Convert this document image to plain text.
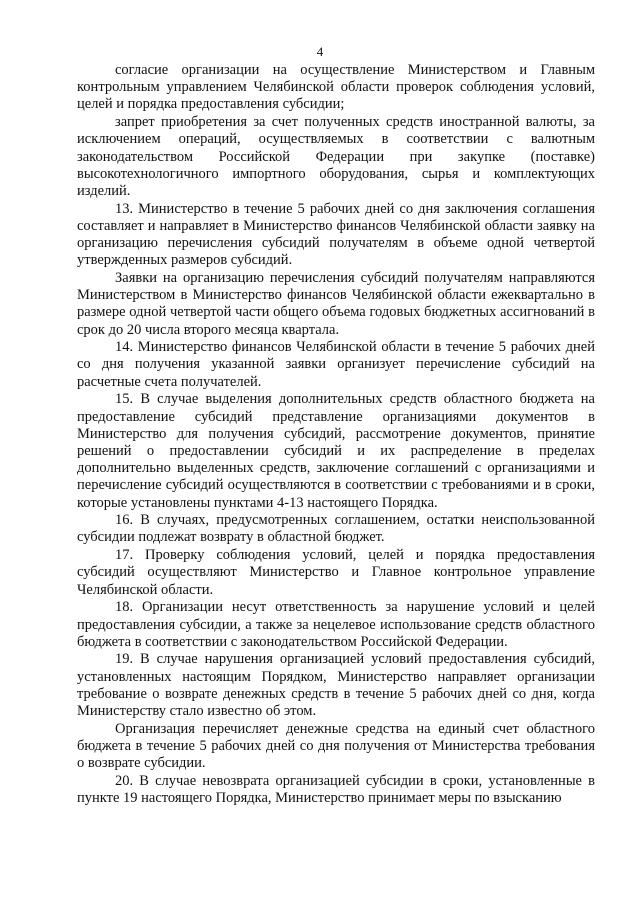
4

согласие организации на осуществление Министерством и Главным контрольным управлением Челябинской области проверок соблюдения условий, целей и порядка предоставления субсидии;

запрет приобретения за счет полученных средств иностранной валюты, за исключением операций, осуществляемых в соответствии с валютным законодательством Российской Федерации при закупке (поставке) высокотехнологичного импортного оборудования, сырья и комплектующих изделий.

13. Министерство в течение 5 рабочих дней со дня заключения соглашения составляет и направляет в Министерство финансов Челябинской области заявку на организацию перечисления субсидий получателям в объеме одной четвертой утвержденных размеров субсидий.

Заявки на организацию перечисления субсидий получателям направляются Министерством в Министерство финансов Челябинской области ежеквартально в размере одной четвертой части общего объема годовых бюджетных ассигнований в срок до 20 числа второго месяца квартала.

14. Министерство финансов Челябинской области в течение 5 рабочих дней со дня получения указанной заявки организует перечисление субсидий на расчетные счета получателей.

15. В случае выделения дополнительных средств областного бюджета на предоставление субсидий представление организациями документов в Министерство для получения субсидий, рассмотрение документов, принятие решений о предоставлении субсидий и их распределение в пределах дополнительно выделенных средств, заключение соглашений с организациями и перечисление субсидий осуществляются в соответствии с требованиями и в сроки, которые установлены пунктами 4-13 настоящего Порядка.

16. В случаях, предусмотренных соглашением, остатки неиспользованной субсидии подлежат возврату в областной бюджет.

17. Проверку соблюдения условий, целей и порядка предоставления субсидий осуществляют Министерство и Главное контрольное управление Челябинской области.

18. Организации несут ответственность за нарушение условий и целей предоставления субсидии, а также за нецелевое использование средств областного бюджета в соответствии с законодательством Российской Федерации.

19. В случае нарушения организацией условий предоставления субсидий, установленных настоящим Порядком, Министерство направляет организации требование о возврате денежных средств в течение 5 рабочих дней со дня, когда Министерству стало известно об этом.

Организация перечисляет денежные средства на единый счет областного бюджета в течение 5 рабочих дней со дня получения от Министерства требования о возврате субсидии.

20. В случае невозврата организацией субсидии в сроки, установленные в пункте 19 настоящего Порядка, Министерство принимает меры по взысканию
